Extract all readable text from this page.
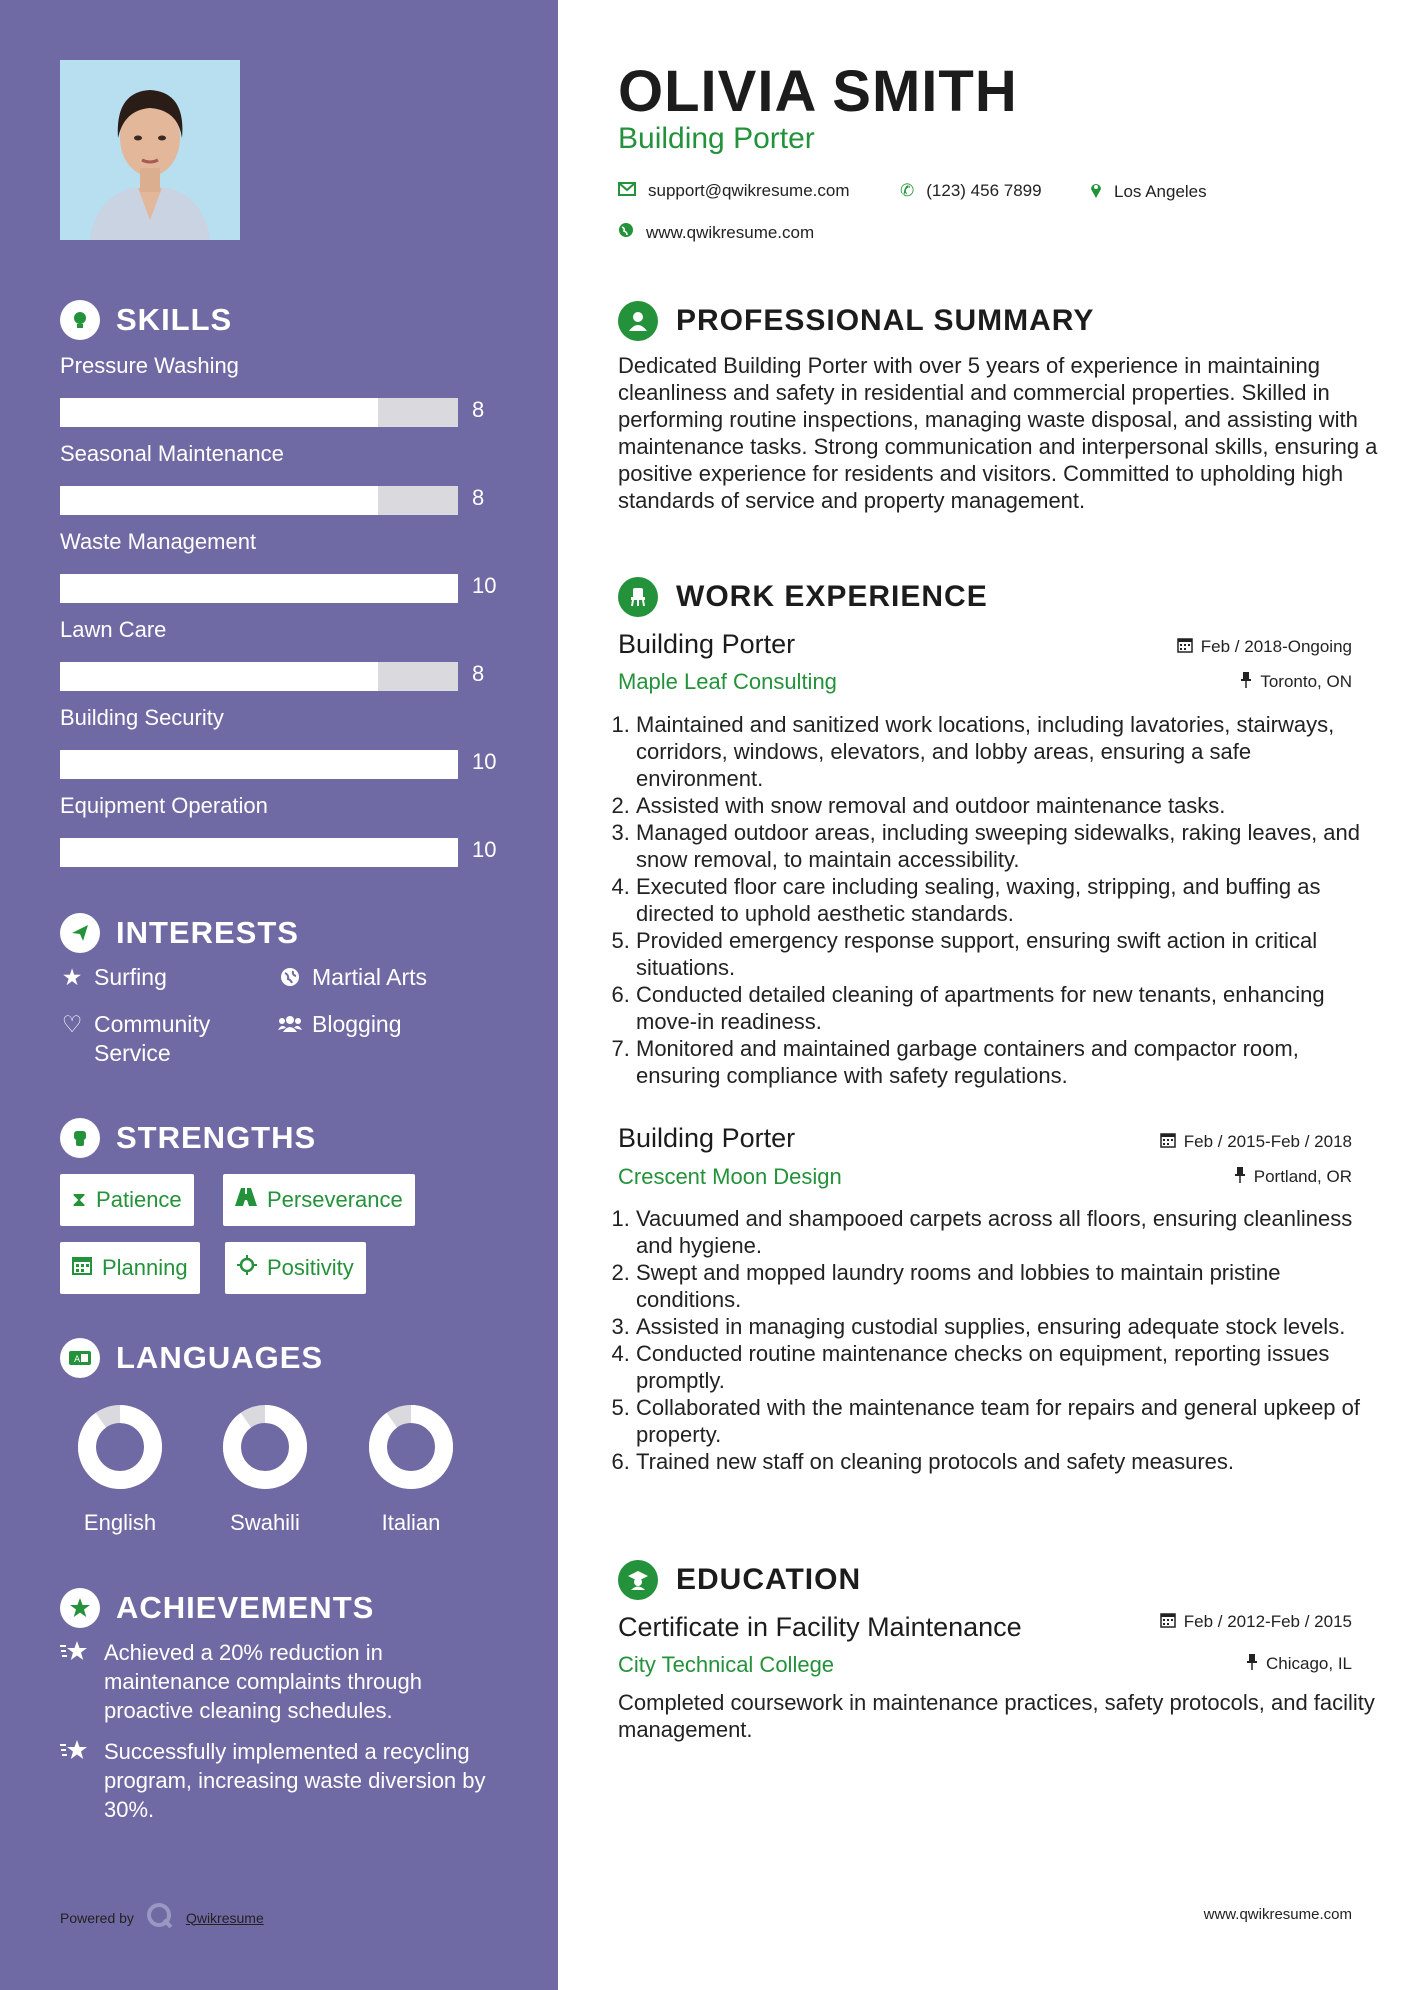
SKILLS
Pressure Washing
8
Seasonal Maintenance
8
Waste Management
10
Lawn Care
8
Building Security
10
Equipment Operation
10
INTERESTS
★ Surfing	Martial Arts
♡ Community Service
Blogging
STRENGTHS
⧗ Patience	Perseverance
Planning	Positivity
A LANGUAGES
English	Swahili	Italian
ACHIEVEMENTS
Achieved a 20% reduction in maintenance complaints through proactive cleaning schedules.
Successfully implemented a recycling program, increasing waste diversion by 30%.
Powered by	Qwikresume
OLIVIA SMITH
Building Porter
support@qwikresume.com	✆ (123) 456 7899	Los Angeles
www.qwikresume.com
PROFESSIONAL SUMMARY
Dedicated Building Porter with over 5 years of experience in maintaining cleanliness and safety in residential and commercial properties. Skilled in performing routine inspections, managing waste disposal, and assisting with maintenance tasks. Strong communication and interpersonal skills, ensuring a positive experience for residents and visitors. Committed to upholding high standards of service and property management.
WORK EXPERIENCE
Building Porter	Feb / 2018-Ongoing
Maple Leaf Consulting	Toronto, ON
1. Maintained and sanitized work locations, including lavatories, stairways, corridors, windows, elevators, and lobby areas, ensuring a safe environment.
2. Assisted with snow removal and outdoor maintenance tasks.
3. Managed outdoor areas, including sweeping sidewalks, raking leaves, and snow removal, to maintain accessibility.
4. Executed floor care including sealing, waxing, stripping, and buffing as directed to uphold aesthetic standards.
5. Provided emergency response support, ensuring swift action in critical situations.
6. Conducted detailed cleaning of apartments for new tenants, enhancing move-in readiness.
7. Monitored and maintained garbage containers and compactor room, ensuring compliance with safety regulations.
Building Porter	Feb / 2015-Feb / 2018
Crescent Moon Design	Portland, OR
1. Vacuumed and shampooed carpets across all floors, ensuring cleanliness and hygiene.
2. Swept and mopped laundry rooms and lobbies to maintain pristine conditions.
3. Assisted in managing custodial supplies, ensuring adequate stock levels.
4. Conducted routine maintenance checks on equipment, reporting issues promptly.
5. Collaborated with the maintenance team for repairs and general upkeep of property.
6. Trained new staff on cleaning protocols and safety measures.
EDUCATION
Certificate in Facility Maintenance	Feb / 2012-Feb / 2015
City Technical College	Chicago, IL
Completed coursework in maintenance practices, safety protocols, and facility management.
www.qwikresume.com
